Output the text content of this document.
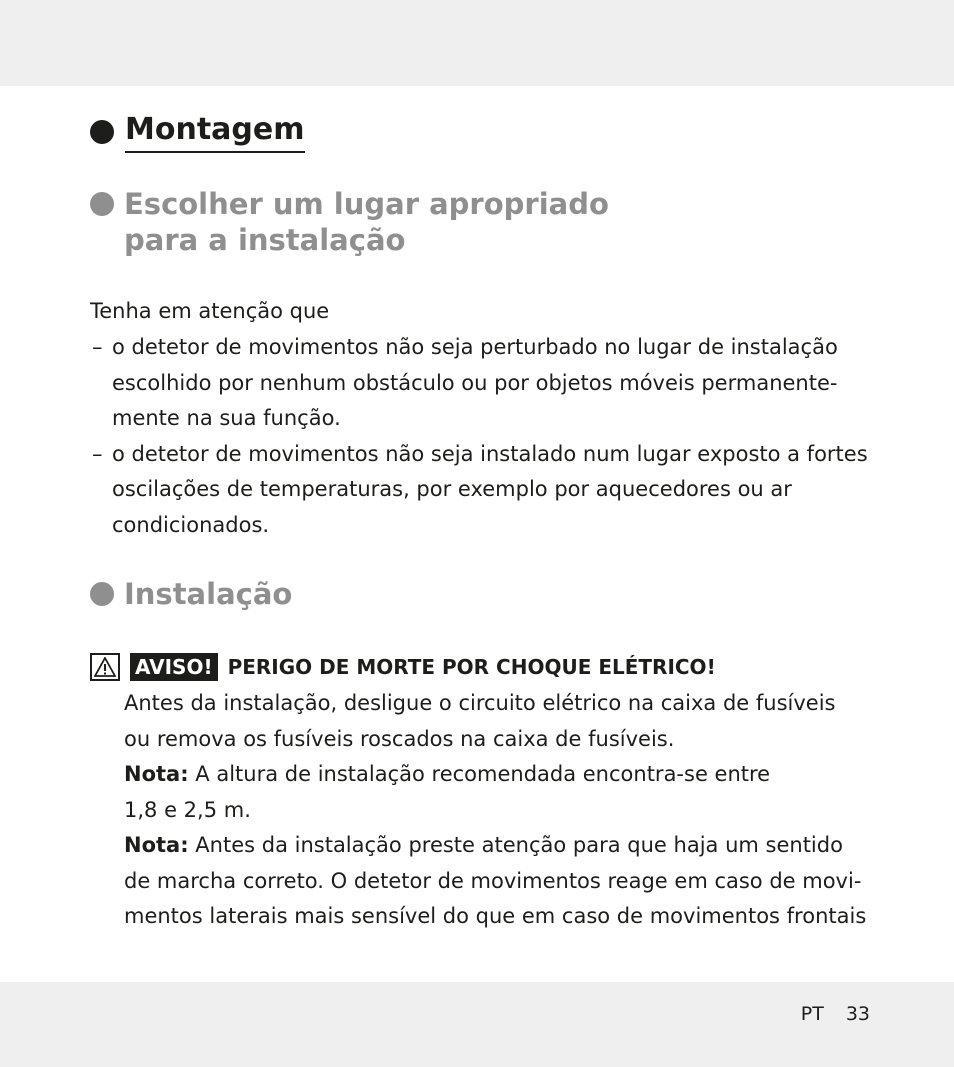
Montagem
Escolher um lugar apropriado
para a instalação
Tenha em atenção que
– o detetor de movimentos não seja perturbado no lugar de instalação
escolhido por nenhum obstáculo ou por objetos móveis permanente-
mente na sua função.
– o detetor de movimentos não seja instalado num lugar exposto a fortes
oscilações de temperaturas, por exemplo por aquecedores ou ar
condicionados.
Instalação
AVISO! PERIGO DE MORTE POR CHOQUE ELÉTRICO!

Antes da instalação, desligue o circuito elétrico na caixa de fusíveis

ou remova os fusíveis roscados na caixa de fusíveis.

Nota: A altura de instalação recomendada encontra-se entre

1,8 e 2,5 m.

Nota: Antes da instalação preste atenção para que haja um sentido

de marcha correto. O detetor de movimentos reage em caso de movi-

mentos laterais mais sensível do que em caso de movimentos frontais

PT 33
